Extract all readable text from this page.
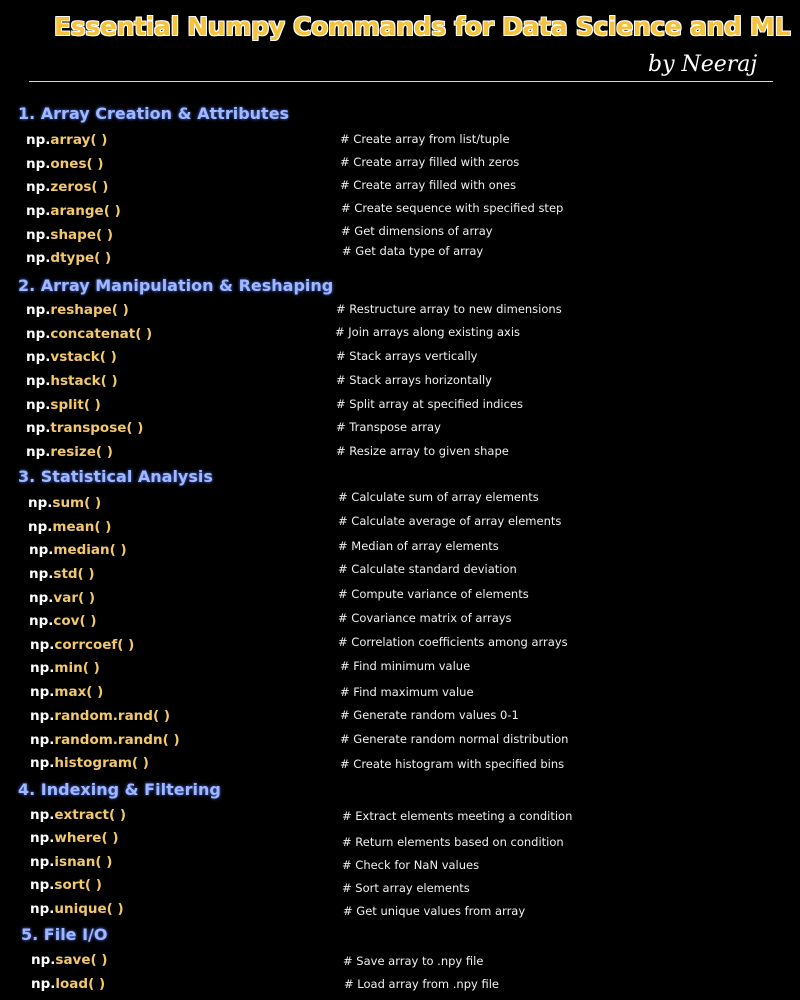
Essential Numpy Commands for Data Science and ML
by Neeraj
1. Array Creation & Attributes
np.array( )	# Create array from list/tuple
np.ones( )	# Create array filled with zeros
np.zeros( )	# Create array filled with ones
np.arange( )	# Create sequence with specified step
np.shape( )	# Get dimensions of array
np.dtype( )	# Get data type of array
2. Array Manipulation & Reshaping
np.reshape( )	# Restructure array to new dimensions
np.concatenat( )	# Join arrays along existing axis
np.vstack( )	# Stack arrays vertically
np.hstack( )	# Stack arrays horizontally
np.split( )	# Split array at specified indices
np.transpose( )	# Transpose array
np.resize( )	# Resize array to given shape
3. Statistical Analysis
np.sum( )	# Calculate sum of array elements
np.mean( )	# Calculate average of array elements
np.median( )	# Median of array elements
np.std( )	# Calculate standard deviation
np.var( )	# Compute variance of elements
np.cov( )	# Covariance matrix of arrays
np.corrcoef( )	# Correlation coefficients among arrays
np.min( )	# Find minimum value
np.max( )	# Find maximum value
np.random.rand( )	# Generate random values 0-1
np.random.randn( )	# Generate random normal distribution
np.histogram( )	# Create histogram with specified bins
4. Indexing & Filtering
np.extract( )	# Extract elements meeting a condition
np.where( )	# Return elements based on condition
np.isnan( )	# Check for NaN values
np.sort( )	# Sort array elements
np.unique( )	# Get unique values from array
5. File I/O
np.save( )	# Save array to .npy file
np.load( )	# Load array from .npy file
